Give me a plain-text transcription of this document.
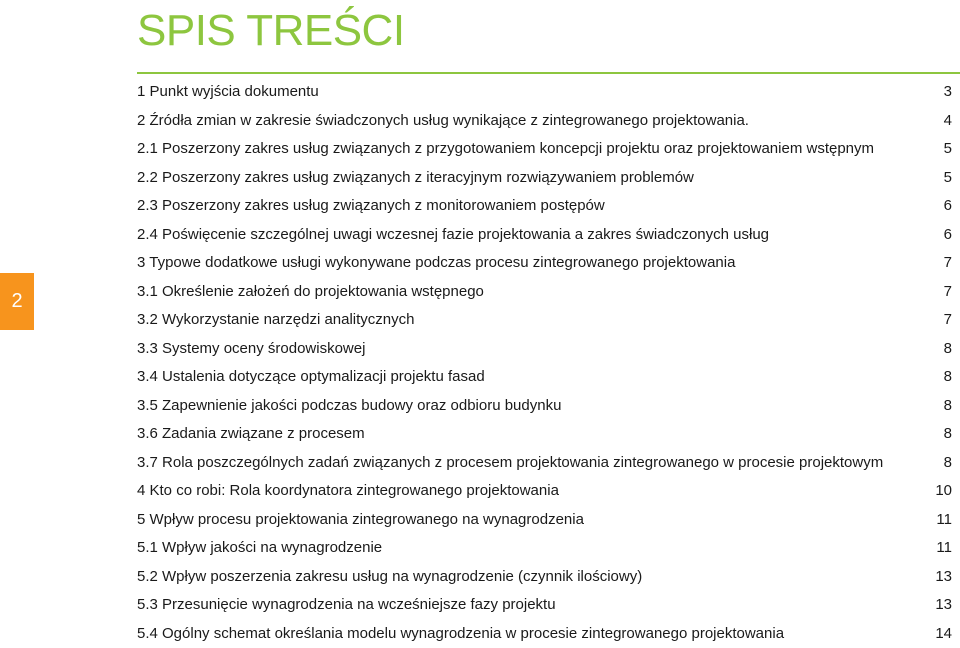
SPIS TREŚCI
2
1 Punkt wyjścia dokumentu	3
2 Źródła zmian w zakresie świadczonych usług wynikające z zintegrowanego projektowania.	4
2.1 Poszerzony zakres usług związanych z przygotowaniem koncepcji projektu oraz projektowaniem wstępnym	5
2.2 Poszerzony zakres usług związanych z iteracyjnym rozwiązywaniem problemów	5
2.3 Poszerzony zakres usług związanych z monitorowaniem postępów	6
2.4 Poświęcenie szczególnej uwagi wczesnej fazie projektowania a zakres świadczonych usług	6
3 Typowe dodatkowe usługi wykonywane podczas procesu zintegrowanego projektowania	7
3.1 Określenie założeń do projektowania wstępnego	7
3.2 Wykorzystanie narzędzi analitycznych	7
3.3 Systemy oceny środowiskowej	8
3.4 Ustalenia dotyczące optymalizacji projektu fasad	8
3.5 Zapewnienie jakości podczas budowy oraz odbioru budynku	8
3.6 Zadania związane z procesem	8
3.7 Rola poszczególnych zadań związanych z procesem projektowania zintegrowanego w procesie projektowym	8
4 Kto co robi: Rola koordynatora zintegrowanego projektowania	10
5 Wpływ procesu projektowania zintegrowanego na wynagrodzenia	11
5.1 Wpływ jakości na wynagrodzenie	11
5.2 Wpływ poszerzenia zakresu usług na wynagrodzenie (czynnik ilościowy)	13
5.3 Przesunięcie wynagrodzenia na wcześniejsze fazy projektu	13
5.4 Ogólny schemat określania modelu wynagrodzenia w procesie zintegrowanego projektowania	14
